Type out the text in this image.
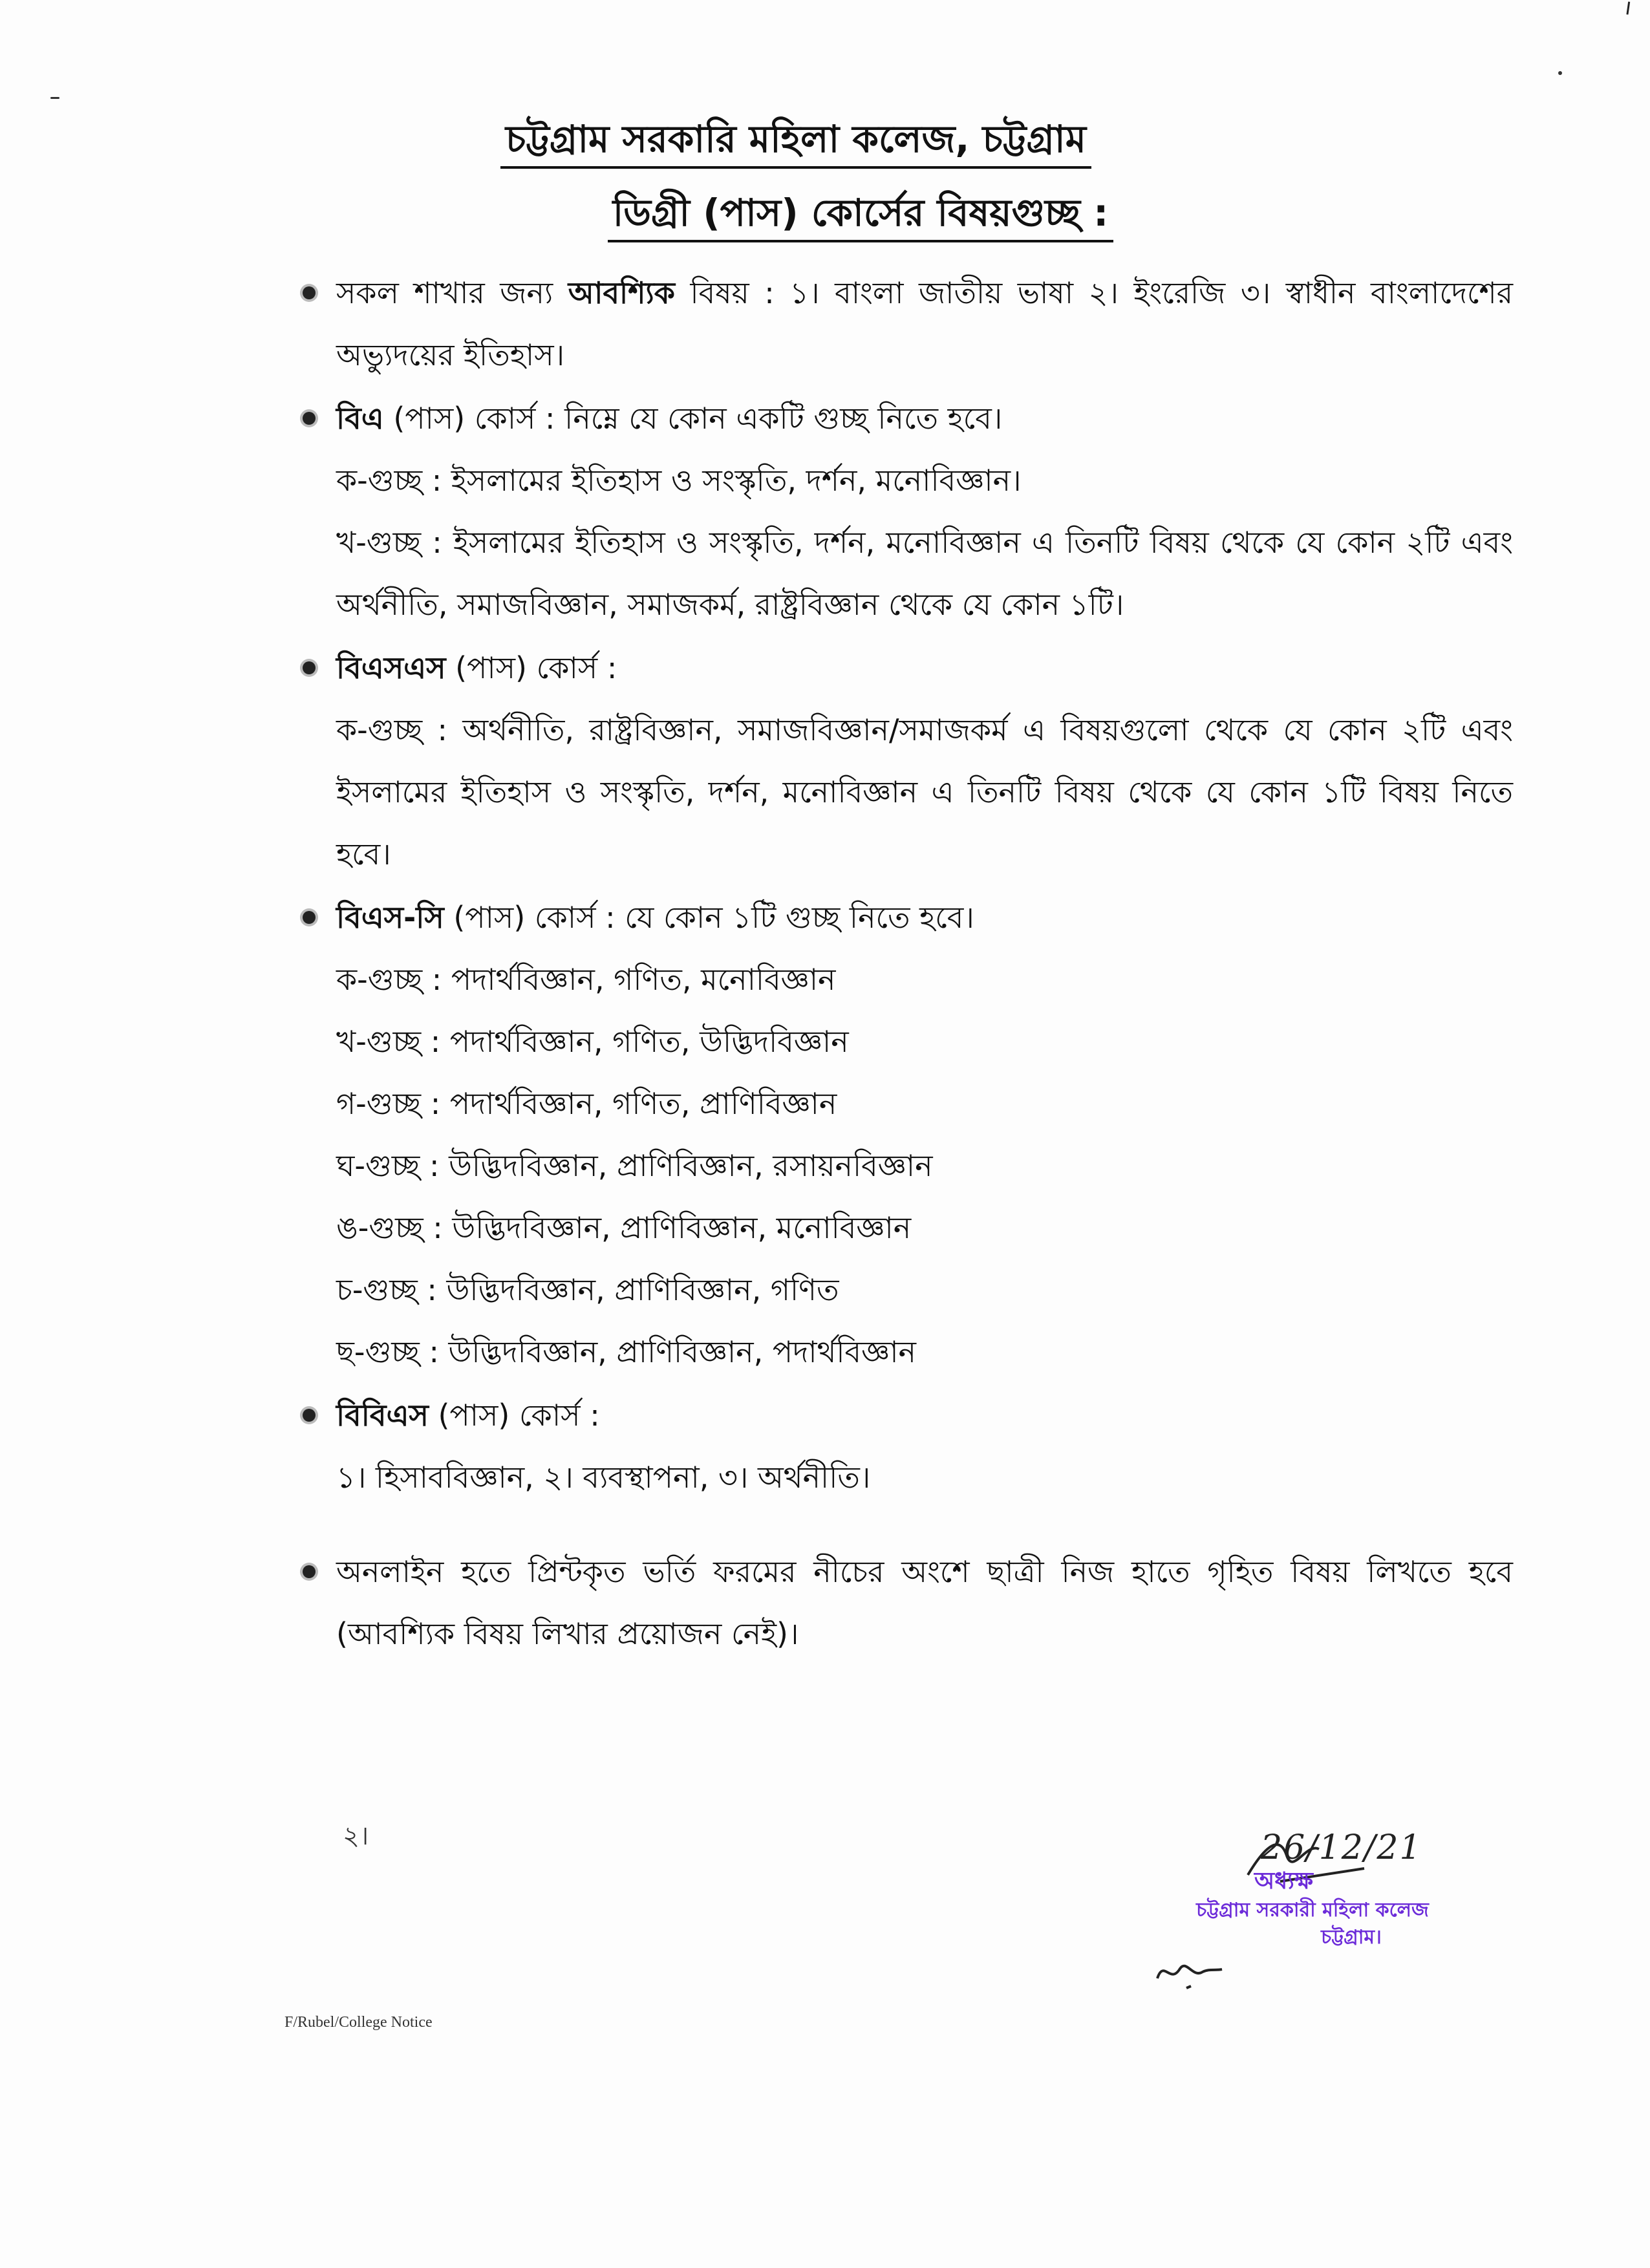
চট্টগ্রাম সরকারি মহিলা কলেজ, চট্টগ্রাম
ডিগ্রী (পাস) কোর্সের বিষয়গুচ্ছ :
সকল শাখার জন্য আবশ্যিক বিষয় : ১। বাংলা জাতীয় ভাষা ২। ইংরেজি ৩। স্বাধীন বাংলাদেশের অভ্যুদয়ের ইতিহাস।
বিএ (পাস) কোর্স : নিম্নে যে কোন একটি গুচ্ছ নিতে হবে।
ক-গুচ্ছ : ইসলামের ইতিহাস ও সংস্কৃতি, দর্শন, মনোবিজ্ঞান।
খ-গুচ্ছ : ইসলামের ইতিহাস ও সংস্কৃতি, দর্শন, মনোবিজ্ঞান এ তিনটি বিষয় থেকে যে কোন ২টি এবং অর্থনীতি, সমাজবিজ্ঞান, সমাজকর্ম, রাষ্ট্রবিজ্ঞান থেকে যে কোন ১টি।
বিএসএস (পাস) কোর্স :
ক-গুচ্ছ : অর্থনীতি, রাষ্ট্রবিজ্ঞান, সমাজবিজ্ঞান/সমাজকর্ম এ বিষয়গুলো থেকে যে কোন ২টি এবং ইসলামের ইতিহাস ও সংস্কৃতি, দর্শন, মনোবিজ্ঞান এ তিনটি বিষয় থেকে যে কোন ১টি বিষয় নিতে হবে।
বিএস-সি (পাস) কোর্স : যে কোন ১টি গুচ্ছ নিতে হবে।
ক-গুচ্ছ : পদার্থবিজ্ঞান, গণিত, মনোবিজ্ঞান
খ-গুচ্ছ : পদার্থবিজ্ঞান, গণিত, উদ্ভিদবিজ্ঞান
গ-গুচ্ছ : পদার্থবিজ্ঞান, গণিত, প্রাণিবিজ্ঞান
ঘ-গুচ্ছ : উদ্ভিদবিজ্ঞান, প্রাণিবিজ্ঞান, রসায়নবিজ্ঞান
ঙ-গুচ্ছ : উদ্ভিদবিজ্ঞান, প্রাণিবিজ্ঞান, মনোবিজ্ঞান
চ-গুচ্ছ : উদ্ভিদবিজ্ঞান, প্রাণিবিজ্ঞান, গণিত
ছ-গুচ্ছ : উদ্ভিদবিজ্ঞান, প্রাণিবিজ্ঞান, পদার্থবিজ্ঞান
বিবিএস (পাস) কোর্স :
১। হিসাববিজ্ঞান, ২। ব্যবস্থাপনা, ৩। অর্থনীতি।
অনলাইন হতে প্রিন্টকৃত ভর্তি ফরমের নীচের অংশে ছাত্রী নিজ হাতে গৃহিত বিষয় লিখতে হবে (আবশ্যিক বিষয় লিখার প্রয়োজন নেই)।
২।	26/12/21
অধ্যক্ষ
চট্টগ্রাম সরকারী মহিলা কলেজ
চট্টগ্রাম।
F/Rubel/College Notice
